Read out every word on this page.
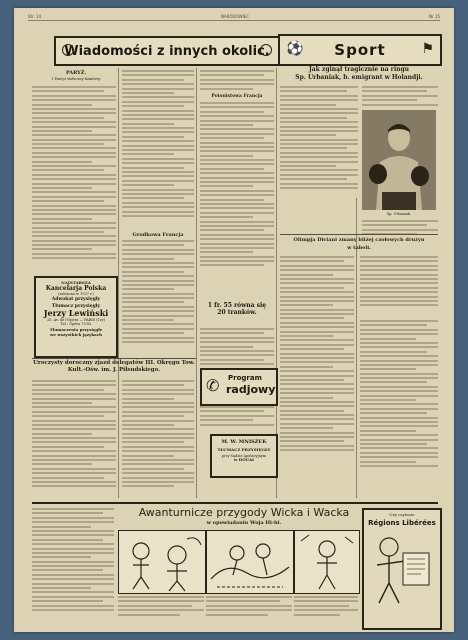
Str. 14	NARODOWIEC	Nr 15
Wiadomości z innych okolic. ⚽ Sport	⚑
PARYŻ.
1 Parryż stołeczny komitety.
NAJSTARSZA
Kancelarja Polska
(założona w 1927 r.)
Adwokat przysięgły
Tłumacz przysięgły
Jerzy Lewiński
25, Av. de l'Opéra — PARIS (1er)
Tel.: Opéra 75-82
Tłumaczenia przysięgłe
we wszystkich językach
Uroczysty doroczny zjazd delegatów III. Okręgu Tow. Kult.-Ośw. im. J. Piłsudskiego.
Grodkowa Francja
Polonistowa Francja
1 fr. 55 równa się
20 tranków.
✆ Program
radjowy
M. W. MNISZEK
TŁUMACZ PRZYSIĘGŁY
przy Sądzie Apelacyjnym
w DOUAI
Jak zginął tragicznie na ringu
Sp. Urbaniak, b. emigrant w Holandji.
Sp. Urbaniak.
Olimpja Diviani zmany bliżej czołowych drużyn
w tabeli.
Awanturnicze przygody Wicka i Wacka
w opowiadaniu Woja Hi-hi.
Czy czytacie
Régions Libérées
